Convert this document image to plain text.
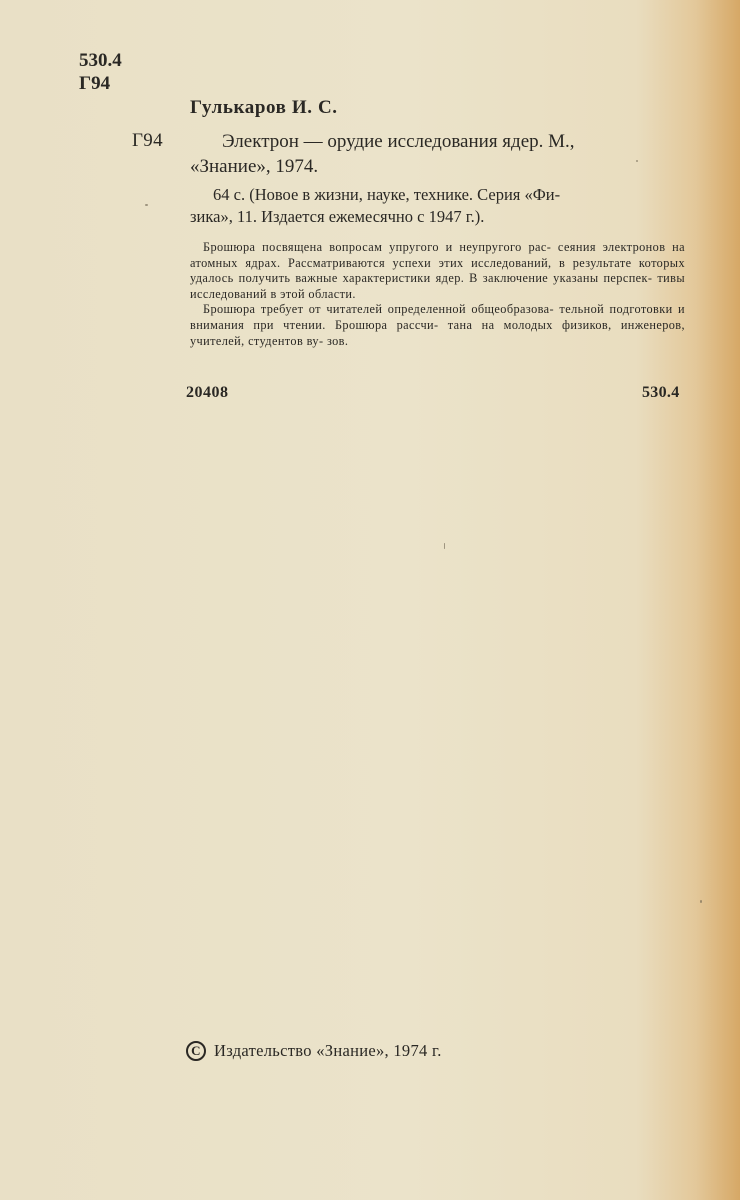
530.4
Г94
Гулькаров И. С.
Г94	Электрон — орудие исследования ядер. М.,
«Знание», 1974.
64 с. (Новое в жизни, науке, технике. Серия «Фи-
зика», 11. Издается ежемесячно с 1947 г.).

Брошюра посвящена вопросам упругого и неупругого рас- сеяния электронов на атомных ядрах. Рассматриваются успехи этих исследований, в результате которых удалось получить важные характеристики ядер. В заключение указаны перспек- тивы исследований в этой области.

Брошюра требует от читателей определенной общеобразова- тельной подготовки и внимания при чтении. Брошюра рассчи- тана на молодых физиков, инженеров, учителей, студентов ву- зов.

20408	530.4
С Издательство «Знание», 1974 г.
